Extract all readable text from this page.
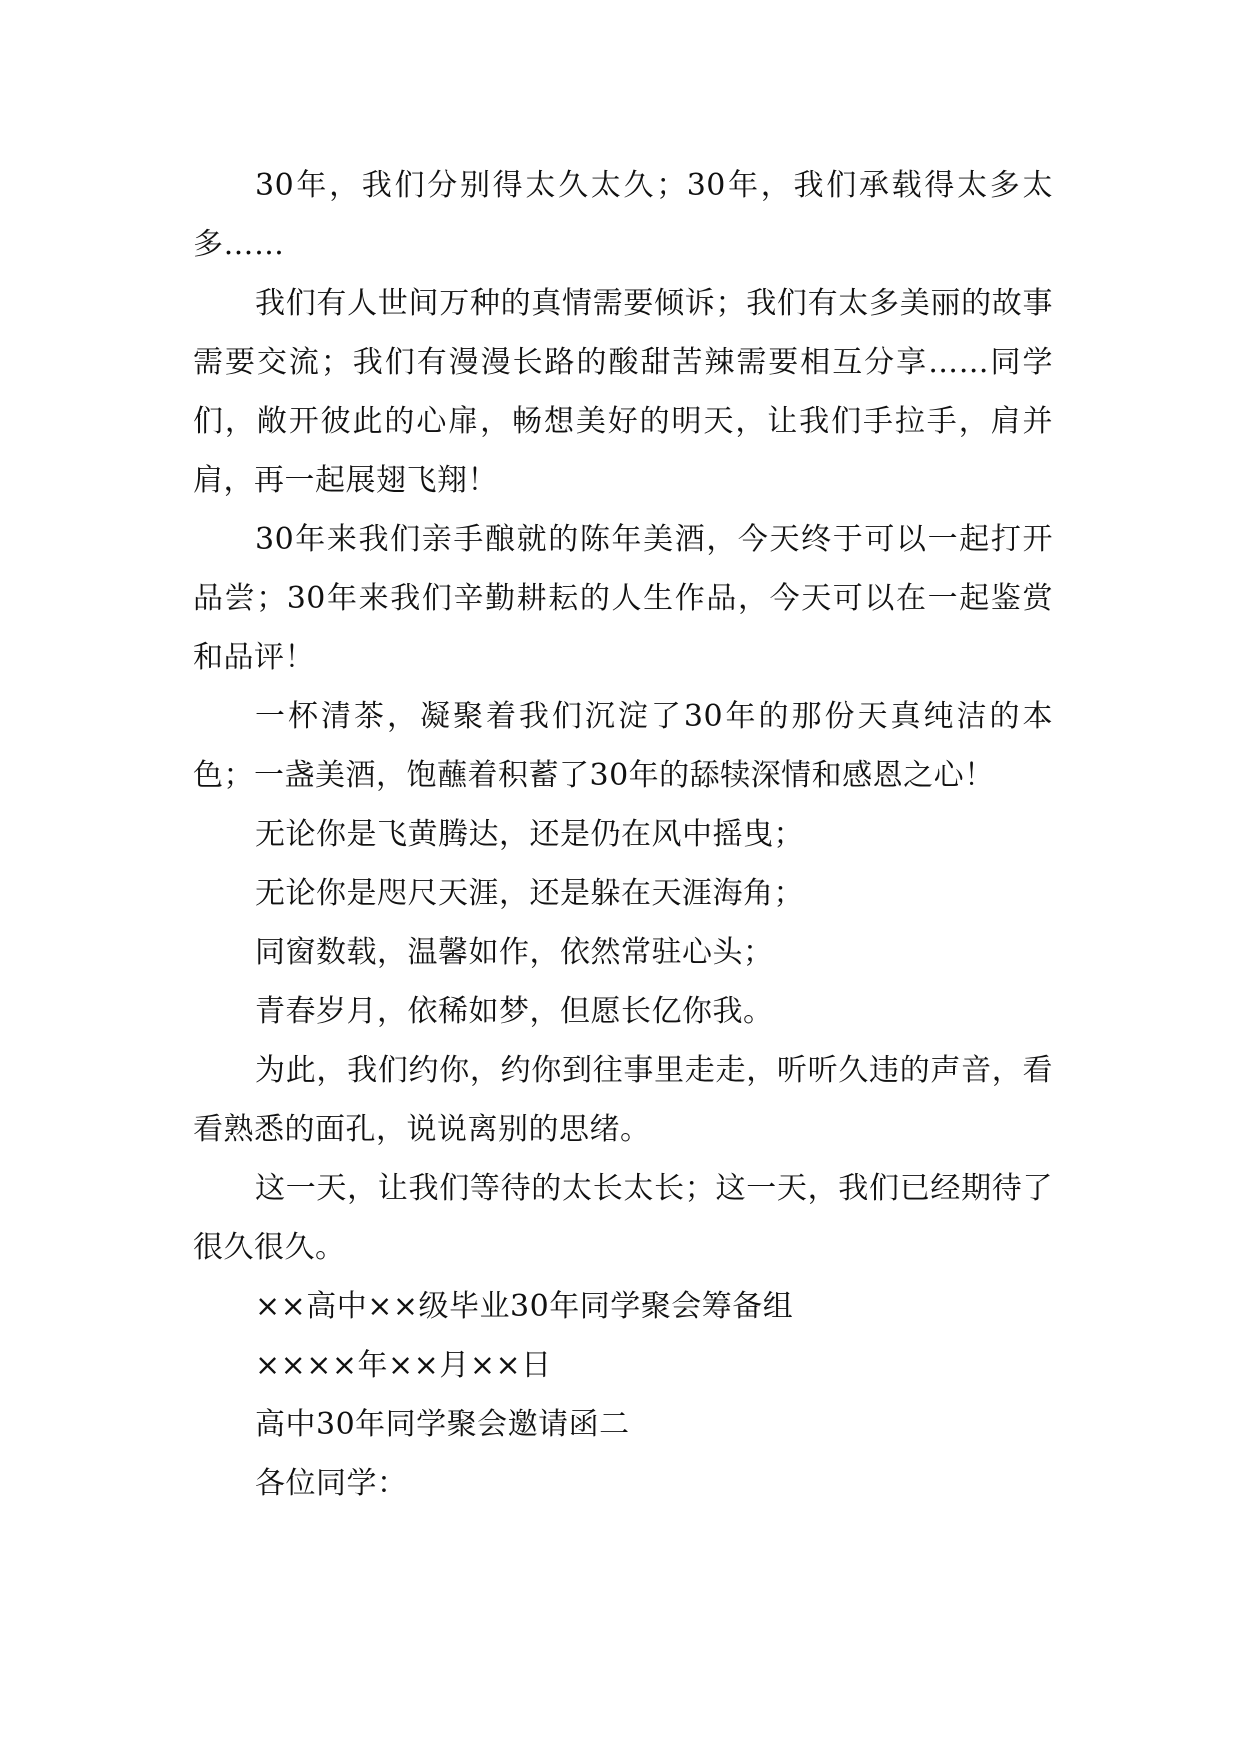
30年，我们分别得太久太久；30年，我们承载得太多太多……

我们有人世间万种的真情需要倾诉；我们有太多美丽的故事需要交流；我们有漫漫长路的酸甜苦辣需要相互分享……同学们，敞开彼此的心扉，畅想美好的明天，让我们手拉手，肩并肩，再一起展翅飞翔！

30年来我们亲手酿就的陈年美酒，今天终于可以一起打开品尝；30年来我们辛勤耕耘的人生作品，今天可以在一起鉴赏和品评！

一杯清茶，凝聚着我们沉淀了30年的那份天真纯洁的本色；一盏美酒，饱蘸着积蓄了30年的舔犊深情和感恩之心！

无论你是飞黄腾达，还是仍在风中摇曳；

无论你是咫尺天涯，还是躲在天涯海角；

同窗数载，温馨如作，依然常驻心头；

青春岁月，依稀如梦，但愿长亿你我。

为此，我们约你，约你到往事里走走，听听久违的声音，看看熟悉的面孔，说说离别的思绪。

这一天，让我们等待的太长太长；这一天，我们已经期待了很久很久。

××高中××级毕业30年同学聚会筹备组

××××年××月××日

高中30年同学聚会邀请函二

各位同学：
